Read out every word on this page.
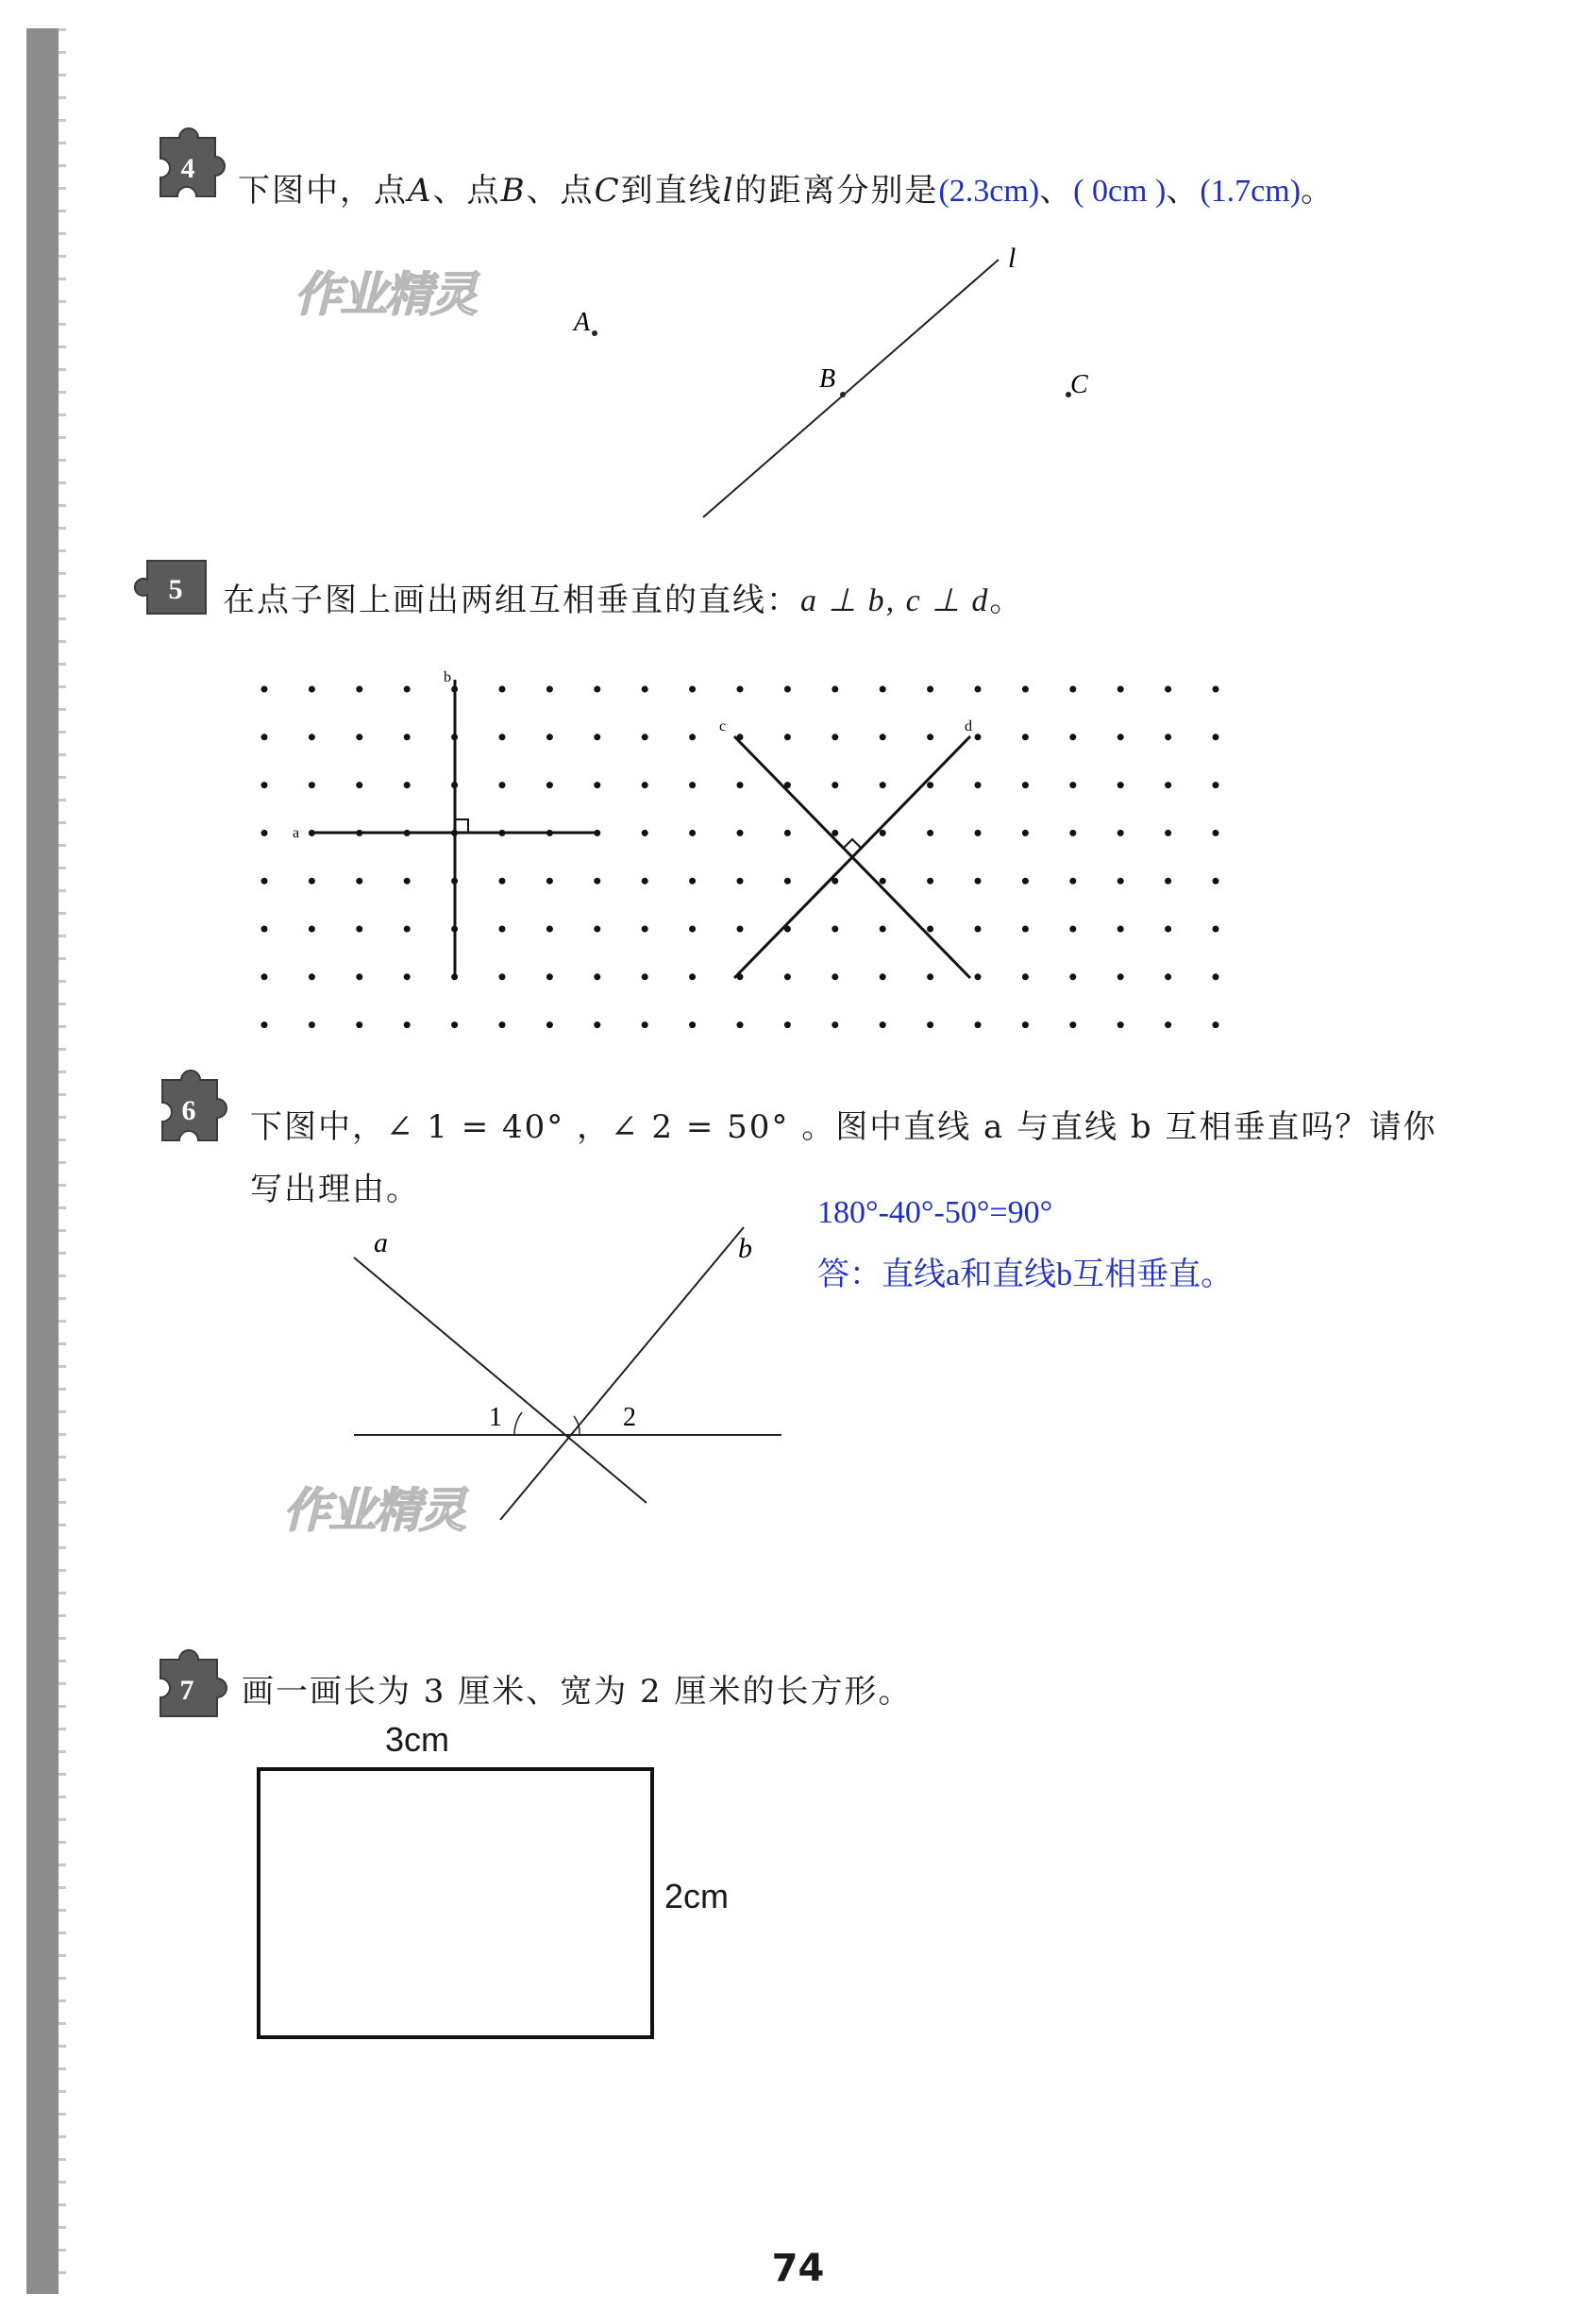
4
下图中，点A、点B、点C到直线l的距离分别是(2.3cm)、( 0cm )、(1.7cm)。
作业精灵
l
A
B	C
5 在点子图上画出两组互相垂直的直线：a ⊥ b, c ⊥ d。
b
a
c	d
6 下图中，∠ 1 = 40° ，∠ 2 = 50° 。图中直线 a 与直线 b 互相垂直吗？请你
写出理由。
180°-40°-50°=90°
答：直线a和直线b互相垂直。
a	b
1	2
作业精灵
7 画一画长为 3 厘米、宽为 2 厘米的长方形。
3cm
2cm
74
